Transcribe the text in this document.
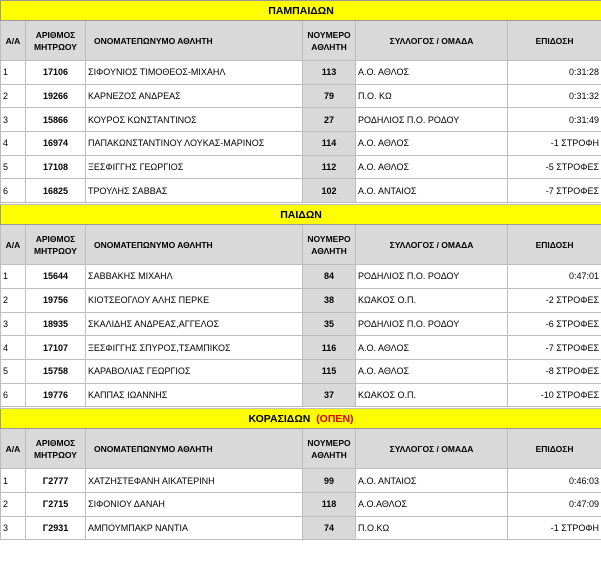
ΠΑΜΠΑΙΔΩΝ					
Α/Α	ΑΡΙΘΜΟΣ ΜΗΤΡΩΟΥ	ΟΝΟΜΑΤΕΠΩΝΥΜΟ ΑΘΛΗΤΗ	ΝΟΥΜΕΡΟ ΑΘΛΗΤΗ	ΣΥΛΛΟΓΟΣ / ΟΜΑΔΑ	ΕΠΙΔΟΣΗ
1	17106	ΣΙΦΟΥΝΙΟΣ ΤΙΜΟΘΕΟΣ-ΜΙΧΑΗΛ	113	Α.Ο. ΑΘΛΟΣ	0:31:28
2	19266	ΚΑΡΝΕΖΟΣ ΑΝΔΡΕΑΣ	79	Π.Ο. ΚΩ	0:31:32
3	15866	ΚΟΥΡΟΣ ΚΩΝΣΤΑΝΤΙΝΟΣ	27	ΡΟΔΗΛΙΟΣ Π.Ο. ΡΟΔΟΥ	0:31:49
4	16974	ΠΑΠΑΚΩΝΣΤΑΝΤΙΝΟΥ ΛΟΥΚΑΣ-ΜΑΡΙΝΟΣ	114	Α.Ο. ΑΘΛΟΣ	-1 ΣΤΡΟΦΗ
5	17108	ΞΕΣΦΙΓΓΗΣ ΓΕΩΡΓΙΟΣ	112	Α.Ο. ΑΘΛΟΣ	-5 ΣΤΡΟΦΕΣ
6	16825	ΤΡΟΥΛΗΣ ΣΑΒΒΑΣ	102	Α.Ο. ΑΝΤΑΙΟΣ	-7 ΣΤΡΟΦΕΣ

ΠΑΙΔΩΝ					
Α/Α	ΑΡΙΘΜΟΣ ΜΗΤΡΩΟΥ	ΟΝΟΜΑΤΕΠΩΝΥΜΟ ΑΘΛΗΤΗ	ΝΟΥΜΕΡΟ ΑΘΛΗΤΗ	ΣΥΛΛΟΓΟΣ / ΟΜΑΔΑ	ΕΠΙΔΟΣΗ
1	15644	ΣΑΒΒΑΚΗΣ ΜΙΧΑΗΛ	84	ΡΟΔΗΛΙΟΣ Π.Ο. ΡΟΔΟΥ	0:47:01
2	19756	ΚΙΟΤΣΕΟΓΛΟΥ ΑΛΗΣ ΠΕΡΚΕ	38	ΚΩΑΚΟΣ Ο.Π.	-2 ΣΤΡΟΦΕΣ
3	18935	ΣΚΑΛΙΔΗΣ ΑΝΔΡΕΑΣ,ΑΓΓΕΛΟΣ	35	ΡΟΔΗΛΙΟΣ Π.Ο. ΡΟΔΟΥ	-6 ΣΤΡΟΦΕΣ
4	17107	ΞΕΣΦΙΓΓΗΣ ΣΠΥΡΟΣ,ΤΣΑΜΠΙΚΟΣ	116	Α.Ο. ΑΘΛΟΣ	-7 ΣΤΡΟΦΕΣ
5	15758	ΚΑΡΑΒΟΛΙΑΣ ΓΕΩΡΓΙΟΣ	115	Α.Ο. ΑΘΛΟΣ	-8 ΣΤΡΟΦΕΣ
6	19776	ΚΑΠΠΑΣ ΙΩΑΝΝΗΣ	37	ΚΩΑΚΟΣ Ο.Π.	-10 ΣΤΡΟΦΕΣ

ΚΟΡΑΣΙΔΩΝ (ΟΠΕΝ)					
Α/Α	ΑΡΙΘΜΟΣ ΜΗΤΡΩΟΥ	ΟΝΟΜΑΤΕΠΩΝΥΜΟ ΑΘΛΗΤΗ	ΝΟΥΜΕΡΟ ΑΘΛΗΤΗ	ΣΥΛΛΟΓΟΣ / ΟΜΑΔΑ	ΕΠΙΔΟΣΗ
1	Γ2777	ΧΑΤΖΗΣΤΕΦΑΝΗ ΑΙΚΑΤΕΡΙΝΗ	99	Α.Ο. ΑΝΤΑΙΟΣ	0:46:03
2	Γ2715	ΣΙΦΟΝΙΟΥ ΔΑΝΑΗ	118	Α.Ο.ΑΘΛΟΣ	0:47:09
3	Γ2931	ΑΜΠΟΥΜΠΑΚΡ ΝΑΝΤΙΑ	74	Π.Ο.ΚΩ	-1 ΣΤΡΟΦΗ
